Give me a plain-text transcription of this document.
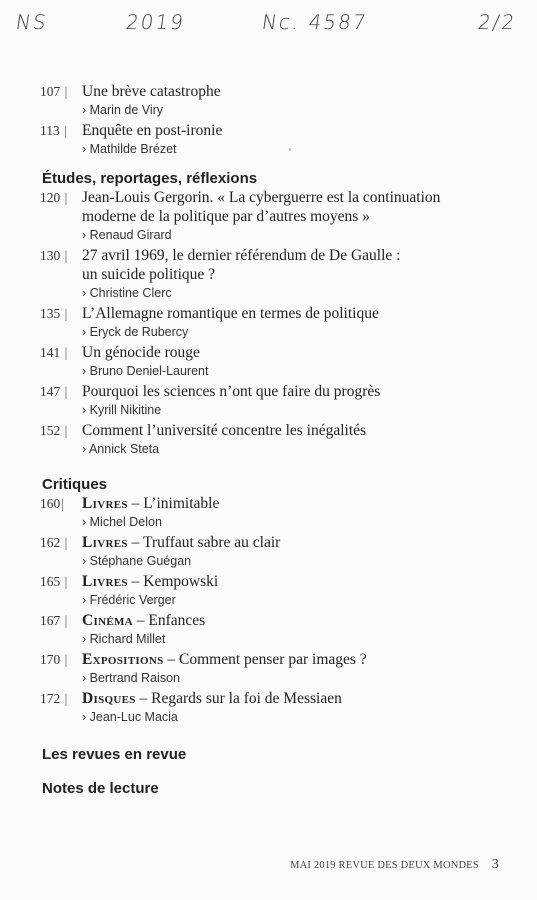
NS	2019	Nc. 4587	2/2
107 | Une brève catastrophe
› Marin de Viry
113 | Enquête en post-ironie
› Mathilde Brézet
Études, reportages, réflexions
120 | Jean-Louis Gergorin. « La cyberguerre est la continuation
moderne de la politique par d’autres moyens »
› Renaud Girard
130 | 27 avril 1969, le dernier référendum de De Gaulle :
un suicide politique ?
› Christine Clerc
135 | L’Allemagne romantique en termes de politique
› Eryck de Rubercy
141 | Un génocide rouge
› Bruno Deniel-Laurent
147 | Pourquoi les sciences n’ont que faire du progrès
› Kyrill Nikitine
152 | Comment l’université concentre les inégalités
› Annick Steta
Critiques
160|	Livres – L’inimitable
› Michel Delon
162 | Livres – Truffaut sabre au clair
› Stéphane Guégan
165 | Livres – Kempowski
› Frédéric Verger
167 | Cinéma – Enfances
› Richard Millet
170 | Expositions – Comment penser par images ?
› Bertrand Raison
172 | Disques – Regards sur la foi de Messiaen
› Jean-Luc Macia
Les revues en revue
Notes de lecture
MAI 2019 REVUE DES DEUX MONDES 3
